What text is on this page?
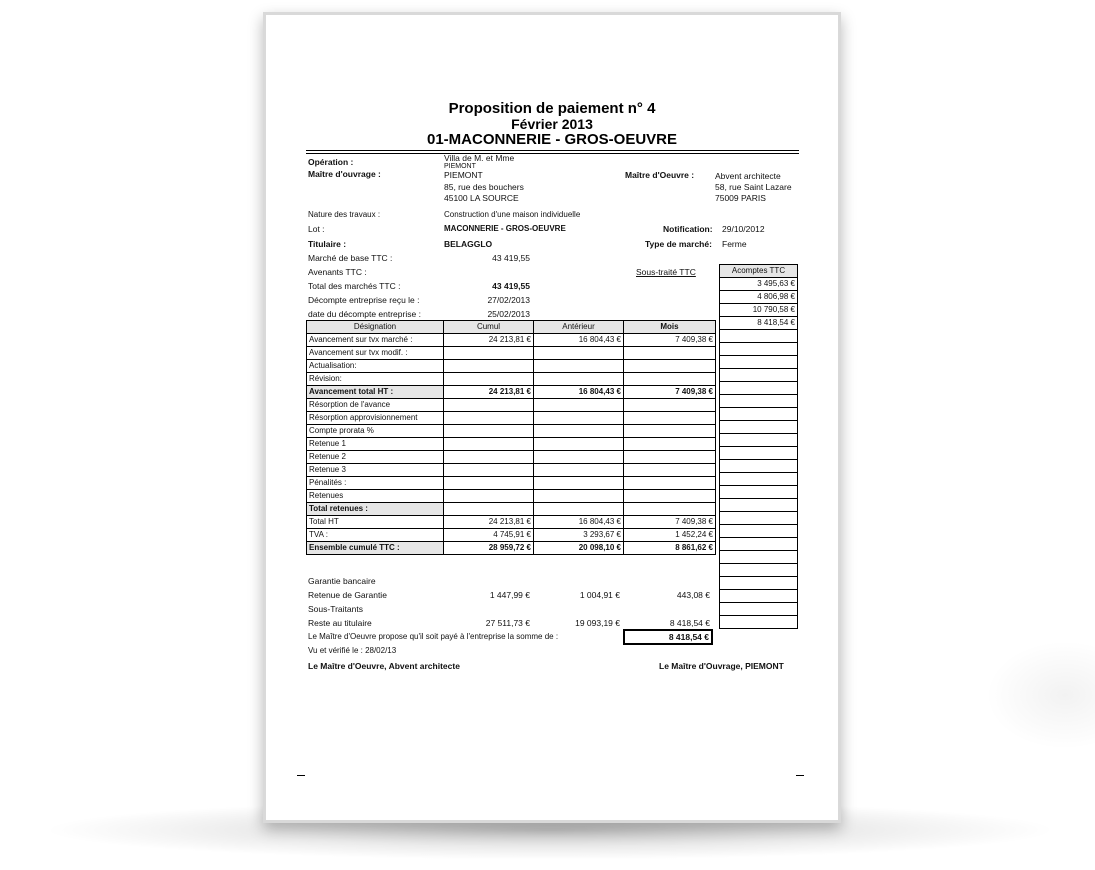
Proposition de paiement n° 4
Février 2013
01-MACONNERIE - GROS-OEUVRE
Opération :	Villa de M. et Mme
Maître d'ouvrage :
PIEMONT
PIEMONT
85, rue des bouchers
45100 LA SOURCE
Maître d'Oeuvre : Abvent architecte
58, rue Saint Lazare
75009 PARIS
Nature des travaux :	Construction d'une maison individuelle
Lot :	MACONNERIE - GROS-OEUVRE	Notification: 29/10/2012
Titulaire :	BELAGGLO	Type de marché: Ferme
Marché de base TTC :	43 419,55
Avenants TTC :	Sous-traité TTC
Total des marchés TTC :	43 419,55
Décompte entreprise reçu le :	27/02/2013
date du décompte entreprise :	25/02/2013
Acomptes TTC
3 495,63 €
4 806,98 €
10 790,58 €
8 418,54 €

Désignation	Cumul	Antérieur	Mois
Avancement sur tvx marché :	24 213,81 €	16 804,43 €	7 409,38 €
Avancement sur tvx modif. :			
Actualisation:			
Révision:			
Avancement total HT :	24 213,81 €	16 804,43 €	7 409,38 €
Résorption de l'avance			
Résorption approvisionnement			
Compte prorata %			
Retenue 1			
Retenue 2			
Retenue 3			
Pénalités :			
Retenues			
Total retenues :			
Total HT	24 213,81 €	16 804,43 €	7 409,38 €
TVA :	4 745,91 €	3 293,67 €	1 452,24 €
Ensemble cumulé TTC :	28 959,72 €	20 098,10 €	8 861,62 €
Garantie bancaire
Retenue de Garantie	1 447,99 €	1 004,91 €	443,08 €
Sous-Traitants
Reste au titulaire	27 511,73 €	19 093,19 €	8 418,54 €
Le Maître d'Oeuvre propose qu'il soit payé à l'entreprise la somme de :	8 418,54 €
Vu et vérifié le : 28/02/13
Le Maître d'Oeuvre, Abvent architecte	Le Maître d'Ouvrage, PIEMONT
